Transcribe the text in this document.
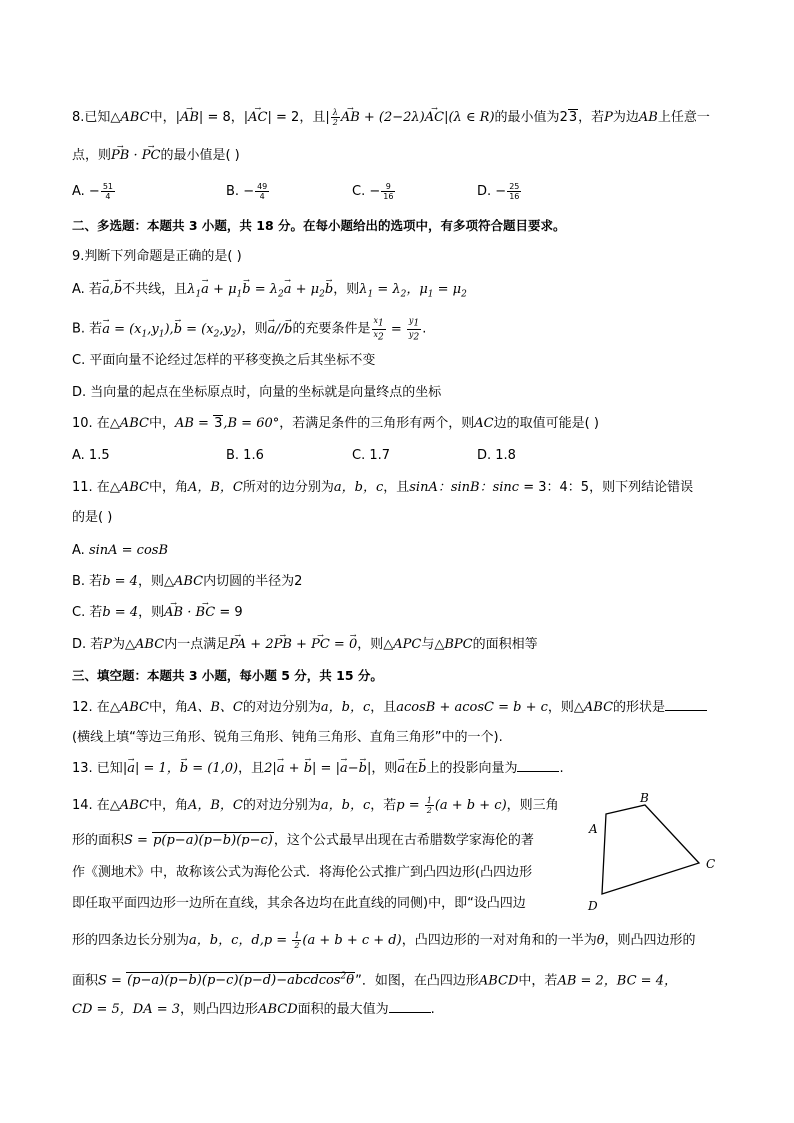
8.已知△ABC中，|→ AB| = 8，|→ AC| = 2，且| $\frac{\lambda}{2}$
→ AB + (2−2λ)→ AC|(λ ∈ R)的最小值为23，若P为边AB上任意一
点，则→ PB · → PC的最小值是( )
A. − $\frac{51}{4}$	B. − $\frac{49}{4}$	C. − $\frac{9}{16}$	D. − $\frac{25}{16}$
二、多选题：本题共 3 小题，共 18 分。在每小题给出的选项中，有多项符合题目要求。
9.判断下列命题是正确的是( )
A. 若→ a,→ b不共线，且$\lambda_1\to a + \mu_1\to b = \lambda_2\to a + \mu_2\to b$，则$\lambda_1 = \lambda_2$，$\mu_1 = \mu_2$
B. 若→ $a = (x_1,y_1),\to b = (x_2,y_2)$，则→ a//→ b的充要条件是 $\frac{x_1}{x_2} = \frac{y_1}{y_2}$ .
C. 平面向量不论经过怎样的平移变换之后其坐标不变
D. 当向量的起点在坐标原点时，向量的坐标就是向量终点的坐标
10. 在△ABC中，AB = 3,B = 60°，若满足条件的三角形有两个，则AC边的取值可能是( )
A. 1.5	B. 1.6	C. 1.7	D. 1.8
11. 在△ABC中，角A，B，C所对的边分别为a，b，c，且sinA：sinB：sinc = 3：4：5，则下列结论错误
的是( )
A. sinA = cosB
B. 若b = 4，则△ABC内切圆的半径为2
C. 若b = 4，则→ AB · → BC = 9
D. 若P为△ABC内一点满足→ PA + 2→ PB + → PC = → 0，则△APC与△BPC的面积相等
三、填空题：本题共 3 小题，每小题 5 分，共 15 分。
12. 在△ABC中，角A、B、C的对边分别为a，b，c，且acosB + acosC = b + c，则△ABC的形状是
(横线上填“等边三角形、锐角三角形、钝角三角形、直角三角形”中的一个).
13. 已知|→ a| = 1，→ b = (1,0)，且2|→ a + → b| = |→ a−→ b|，则→ a在→ b上的投影向量为	.
14. 在△ABC中，角A，B，C的对边分别为a，b，c，若$p = \frac{1}{2} (a + b + c)$，则三角
形的面积S = p(p−a)(p−b)(p−c)，这个公式最早出现在古希腊数学家海伦的著
作《测地术》中，故称该公式为海伦公式．将海伦公式推广到凸四边形(凸四边形
即任取平面四边形一边所在直线，其余各边均在此直线的同侧)中，即“设凸四边
形的四条边长分别为a，b，c，$d,p = \frac{1}{2} (a + b + c + d)$，凸四边形的一对对角和的一半为θ，则凸四边形的
面积S = (p−a)(p−b)(p−c)(p−d)−abcdcos$^2$θ”．如图，在凸四边形ABCD中，若AB = 2，BC = 4，
CD = 5，DA = 3，则凸四边形ABCD面积的最大值为	.
A
B
C
D
